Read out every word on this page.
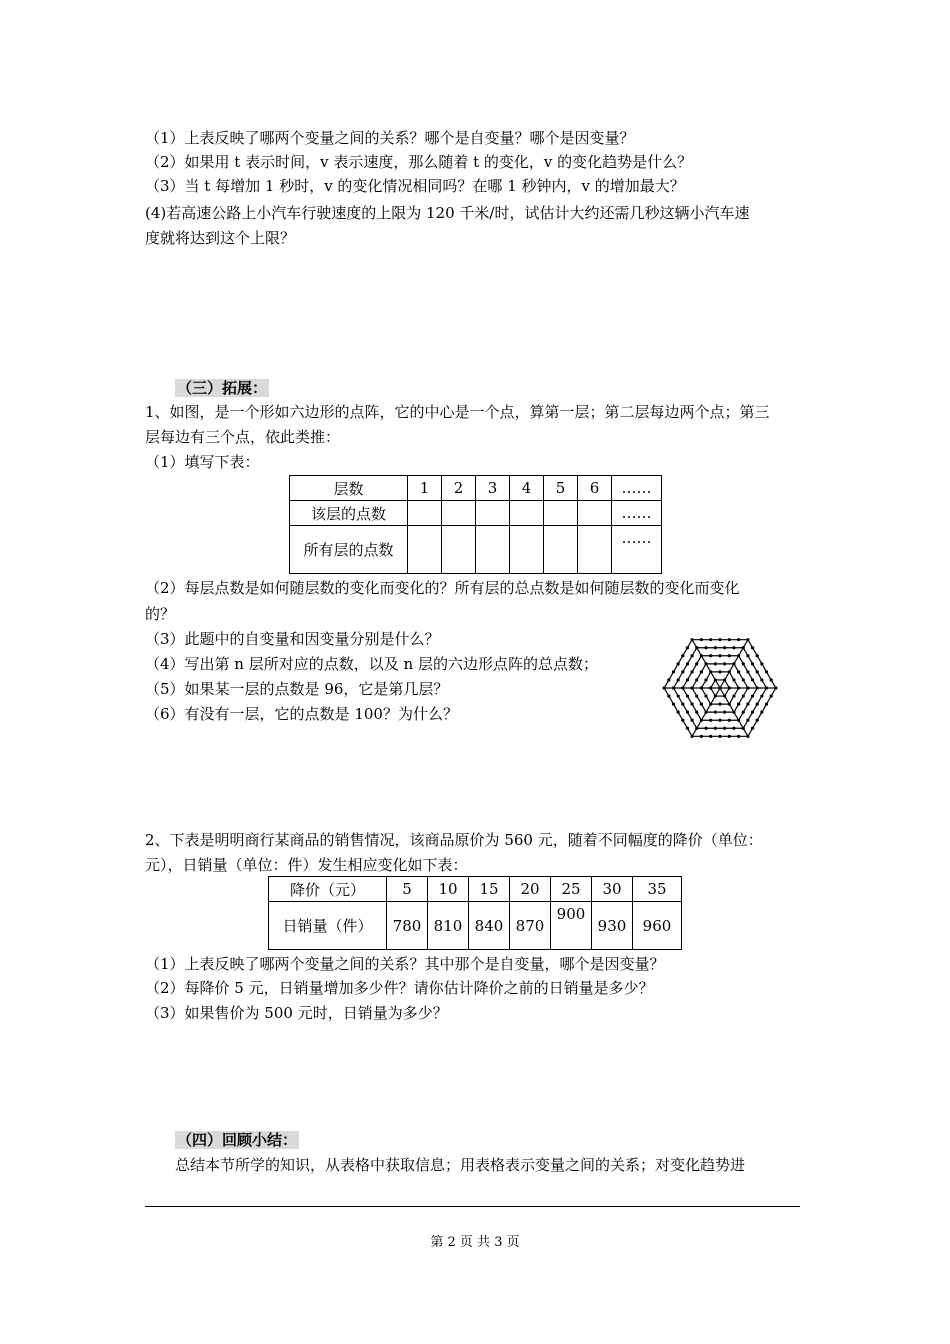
（1）上表反映了哪两个变量之间的关系？哪个是自变量？哪个是因变量？
（2）如果用 t 表示时间，v 表示速度，那么随着 t 的变化，v 的变化趋势是什么？
（3）当 t 每增加 1 秒时，v 的变化情况相同吗？在哪 1 秒钟内，v 的增加最大？
(4)若高速公路上小汽车行驶速度的上限为 120 千米/时，试估计大约还需几秒这辆小汽车速
度就将达到这个上限？
（三）拓展：
1、如图，是一个形如六边形的点阵，它的中心是一个点，算第一层；第二层每边两个点；第三
层每边有三个点，依此类推：
（1）填写下表：
层数	1	2	3	4	5	6	……
该层的点数							……
所有层的点数							……
（2）每层点数是如何随层数的变化而变化的？所有层的总点数是如何随层数的变化而变化
的？
（3）此题中的自变量和因变量分别是什么？
（4）写出第 n 层所对应的点数，以及 n 层的六边形点阵的总点数；
（5）如果某一层的点数是 96，它是第几层？
（6）有没有一层，它的点数是 100？为什么？
2、下表是明明商行某商品的销售情况，该商品原价为 560 元，随着不同幅度的降价（单位：
元），日销量（单位：件）发生相应变化如下表：
降价（元）	5	10	15	20	25	30	35
日销量（件）	780	810	840	870	900	930	960
（1）上表反映了哪两个变量之间的关系？其中那个是自变量，哪个是因变量？
（2）每降价 5 元，日销量增加多少件？请你估计降价之前的日销量是多少？
（3）如果售价为 500 元时，日销量为多少？
（四）回顾小结：
总结本节所学的知识，从表格中获取信息；用表格表示变量之间的关系；对变化趋势进
第 2 页 共 3 页
